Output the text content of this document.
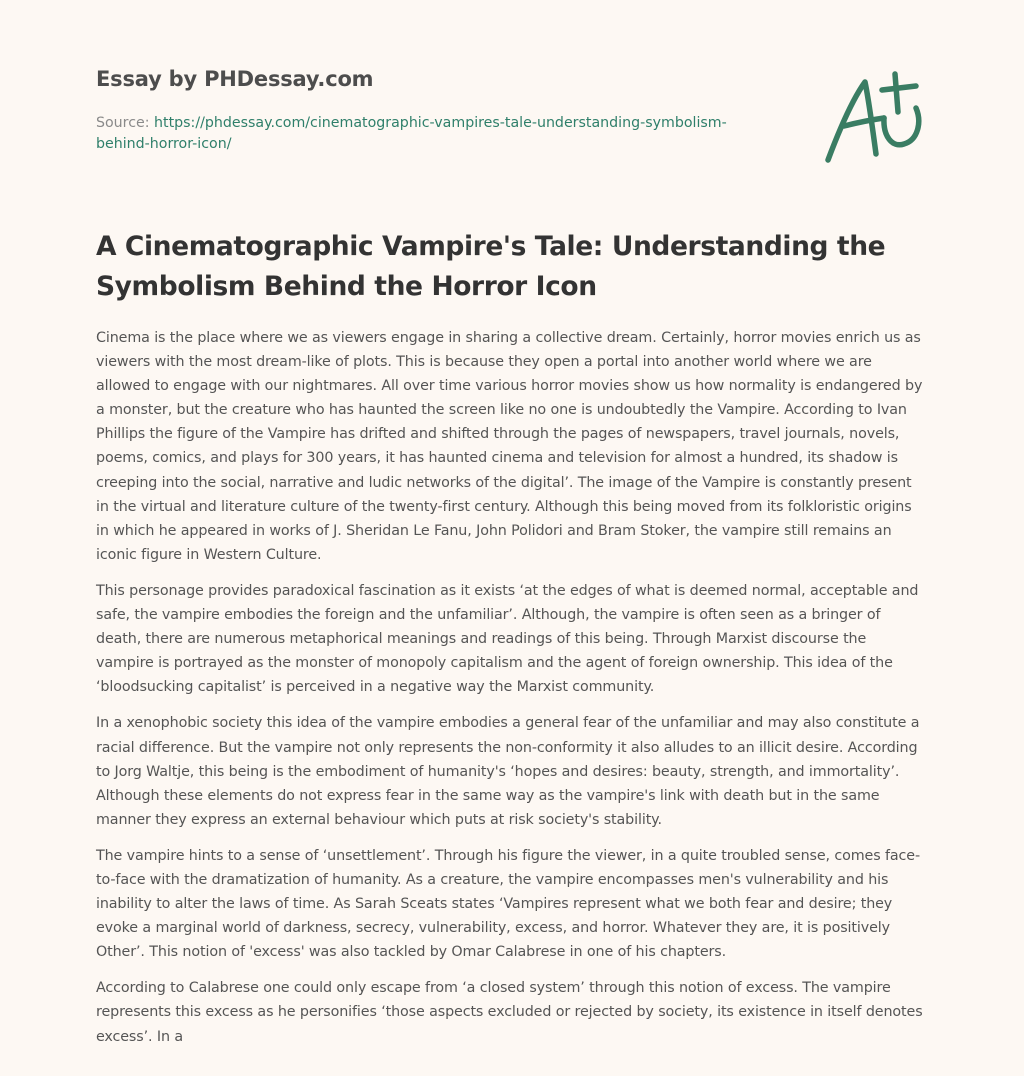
Essay by PHDessay.com

Source: https://phdessay.com/cinematographic-vampires-tale-understanding-symbolism-behind-horror-icon/

A Cinematographic Vampire's Tale: Understanding the Symbolism Behind the Horror Icon

Cinema is the place where we as viewers engage in sharing a collective dream. Certainly, horror movies enrich us as viewers with the most dream-like of plots. This is because they open a portal into another world where we are allowed to engage with our nightmares. All over time various horror movies show us how normality is endangered by a monster, but the creature who has haunted the screen like no one is undoubtedly the Vampire. According to Ivan Phillips the figure of the Vampire has drifted and shifted through the pages of newspapers, travel journals, novels, poems, comics, and plays for 300 years, it has haunted cinema and television for almost a hundred, its shadow is creeping into the social, narrative and ludic networks of the digital’. The image of the Vampire is constantly present in the virtual and literature culture of the twenty-first century. Although this being moved from its folkloristic origins in which he appeared in works of J. Sheridan Le Fanu, John Polidori and Bram Stoker, the vampire still remains an iconic figure in Western Culture.

This personage provides paradoxical fascination as it exists ‘at the edges of what is deemed normal, acceptable and safe, the vampire embodies the foreign and the unfamiliar’. Although, the vampire is often seen as a bringer of death, there are numerous metaphorical meanings and readings of this being. Through Marxist discourse the vampire is portrayed as the monster of monopoly capitalism and the agent of foreign ownership. This idea of the ‘bloodsucking capitalist’ is perceived in a negative way the Marxist community.

In a xenophobic society this idea of the vampire embodies a general fear of the unfamiliar and may also constitute a racial difference. But the vampire not only represents the non-conformity it also alludes to an illicit desire. According to Jorg Waltje, this being is the embodiment of humanity's ‘hopes and desires: beauty, strength, and immortality’. Although these elements do not express fear in the same way as the vampire's link with death but in the same manner they express an external behaviour which puts at risk society's stability.

The vampire hints to a sense of ‘unsettlement’. Through his figure the viewer, in a quite troubled sense, comes face-to-face with the dramatization of humanity. As a creature, the vampire encompasses men's vulnerability and his inability to alter the laws of time. As Sarah Sceats states ‘Vampires represent what we both fear and desire; they evoke a marginal world of darkness, secrecy, vulnerability, excess, and horror. Whatever they are, it is positively Other’. This notion of 'excess' was also tackled by Omar Calabrese in one of his chapters.

According to Calabrese one could only escape from ‘a closed system’ through this notion of excess. The vampire represents this excess as he personifies ‘those aspects excluded or rejected by society, its existence in itself denotes excess’. In a
